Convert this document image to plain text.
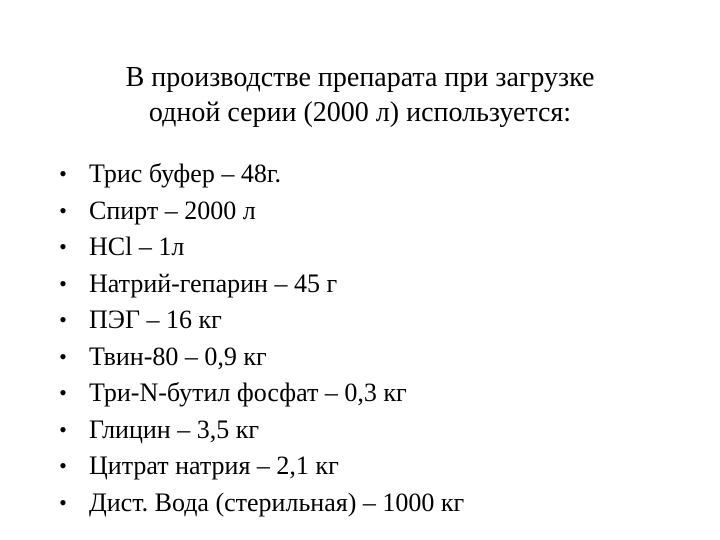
В производстве препарата при загрузке
одной серии (2000 л) используется:
• Трис буфер – 48г.
• Спирт – 2000 л
• HCl – 1л
• Натрий-гепарин – 45 г
• ПЭГ – 16 кг
• Твин-80 – 0,9 кг
• Три-N-бутил фосфат – 0,3 кг
• Глицин – 3,5 кг
• Цитрат натрия – 2,1 кг
• Дист. Вода (стерильная) – 1000 кг
